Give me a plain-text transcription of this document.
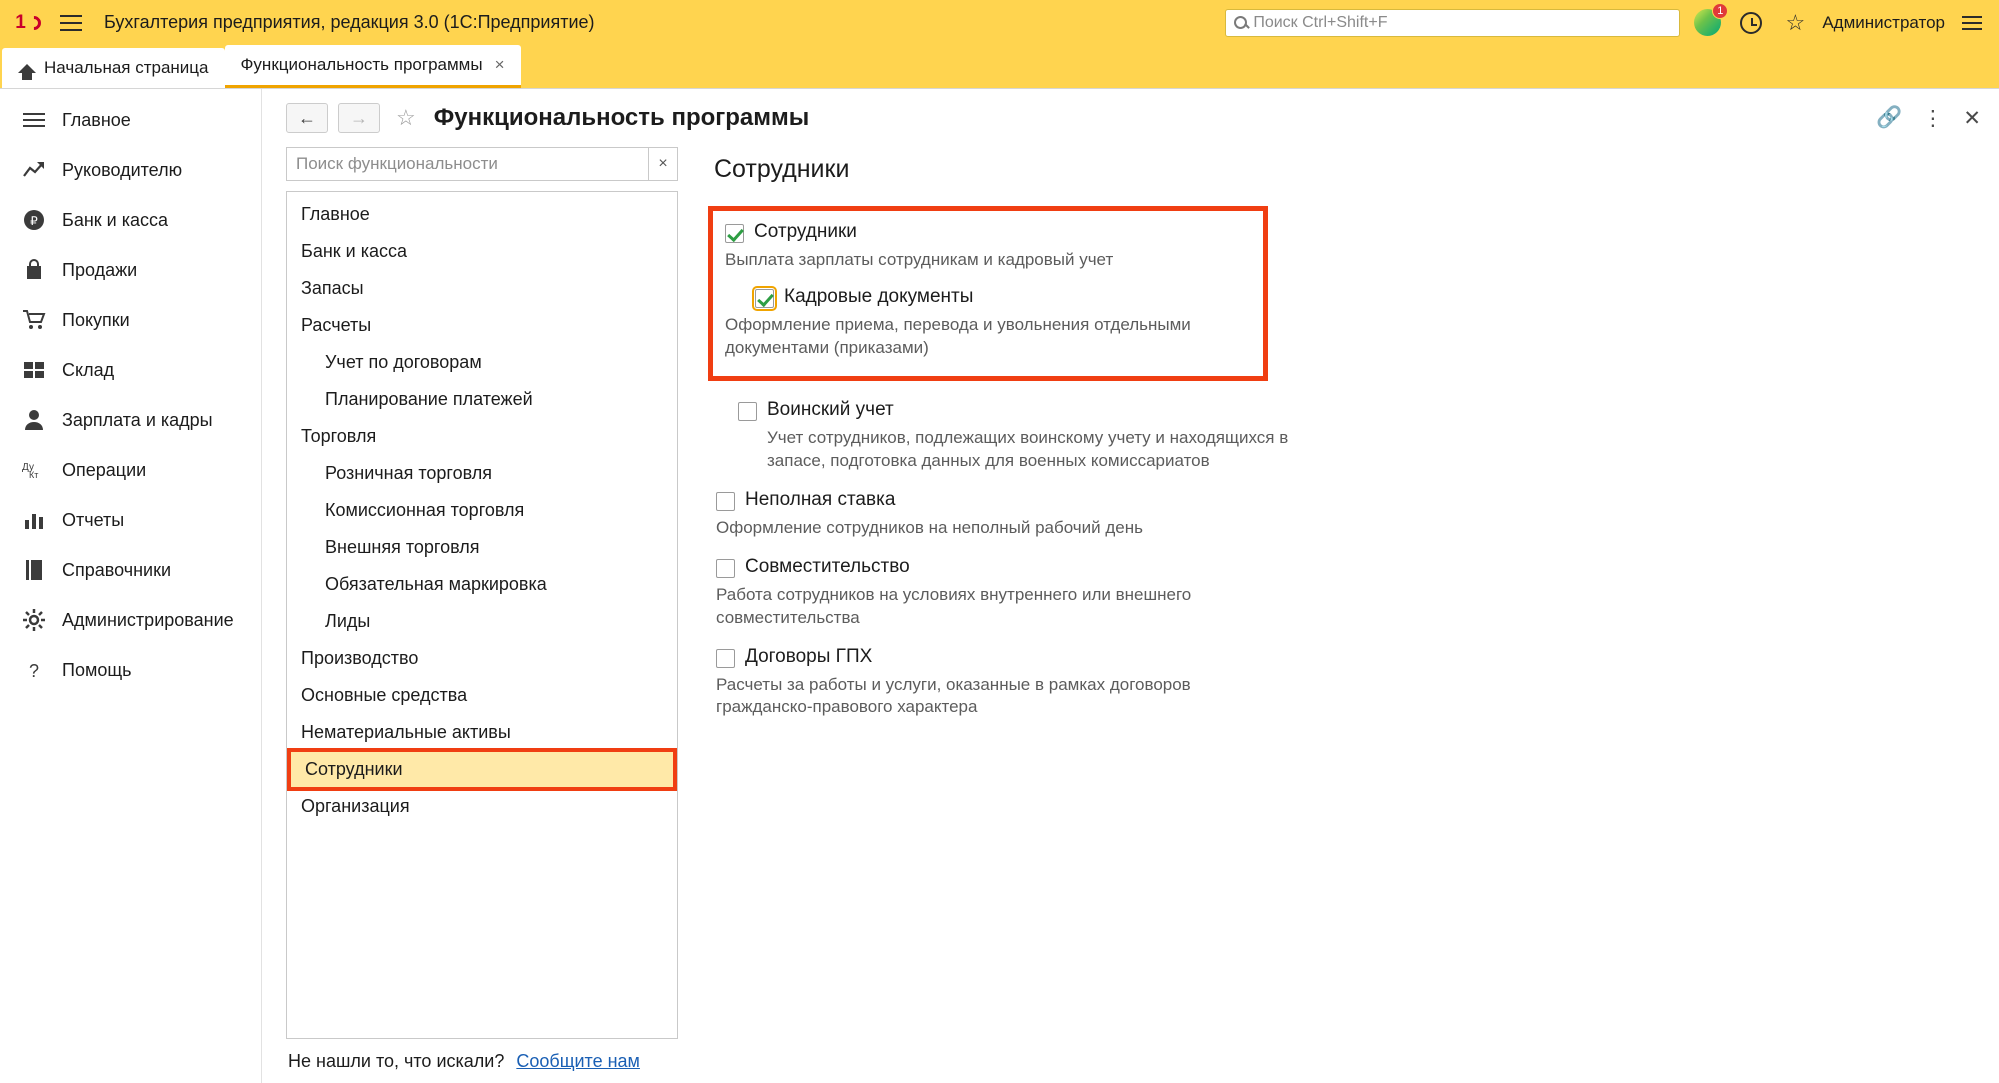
1	Бухгалтерия предприятия, редакция 3.0 (1С:Предприятие)	Поиск Ctrl+Shift+F
1	☆ Администратор
Начальная страница Функциональность программы ×
Главное
Руководителю
₽ Банк и касса
Продажи
Покупки
Склад
Зарплата и кадры
Ду
Кт Операции
Отчеты
Справочники
Администрирование
? Помощь
←	→	☆ Функциональность программы	🔗 ⋮ ✕
Поиск функциональности	×
Главное
Банк и касса
Запасы
Расчеты
Учет по договорам
Планирование платежей
Торговля
Розничная торговля
Комиссионная торговля
Внешняя торговля
Обязательная маркировка
Лиды
Производство
Основные средства
Нематериальные активы
Сотрудники
Организация
Не нашли то, что искали? Сообщите нам
Сотрудники
Сотрудники
Выплата зарплаты сотрудникам и кадровый учет
Кадровые документы
Оформление приема, перевода и увольнения отдельными документами (приказами)
Воинский учет
Учет сотрудников, подлежащих воинскому учету и находящихся в запасе, подготовка данных для военных комиссариатов
Неполная ставка
Оформление сотрудников на неполный рабочий день
Совместительство
Работа сотрудников на условиях внутреннего или внешнего совместительства
Договоры ГПХ
Расчеты за работы и услуги, оказанные в рамках договоров гражданско-правового характера
